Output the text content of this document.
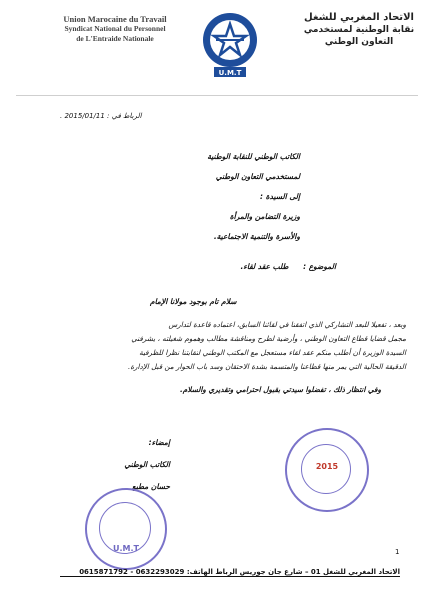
Union Marocaine du Travail
Syndicat National du Personnel
de L'Entraide Nationale
U.M.T
الاتحاد المغربي للشغل
نقابة الوطنية لمستخدمي
التعاون الوطني
الرباط في : 2015/01/11 .
الكاتب الوطني للنقابة الوطنية
لمستخدمي التعاون الوطني
إلى السيدة :
وزيرة التضامن والمرأة
والأسرة والتنمية الاجتماعية.
الموضوع : طلب عقد لقاء.
سلام تام بوجود مولانا الإمام
وبعد ، تفعيلا للبعد التشاركي الذي اتفقنا في لقائنا السابق، اعتماده قاعدة لتدارس
مجمل قضايا قطاع التعاون الوطني ، وأرضية لطرح ومناقشة مطالب وهموم شغيلته ، يشرفني
السيدة الوزيرة أن أطلب منكم عقد لقاء مستعجل مع المكتب الوطني لنقابتنا نظرا للظرفية
الدقيقة الحالية التي يمر منها قطاعنا والمتسمة بشدة الاحتقان وسد باب الحوار من قبل الإدارة.
وفي انتظار ذلك ، تفضلوا سيدتي بقبول احترامي وتقديري والسلام.
إمضاء:
الكاتب الوطني
حسان مطيع
U.M.T
2015
1
الاتحاد المغربي للشغل 01 – شارع جان جوريس الرباط الهاتف: 0632293029 - 0615871792
